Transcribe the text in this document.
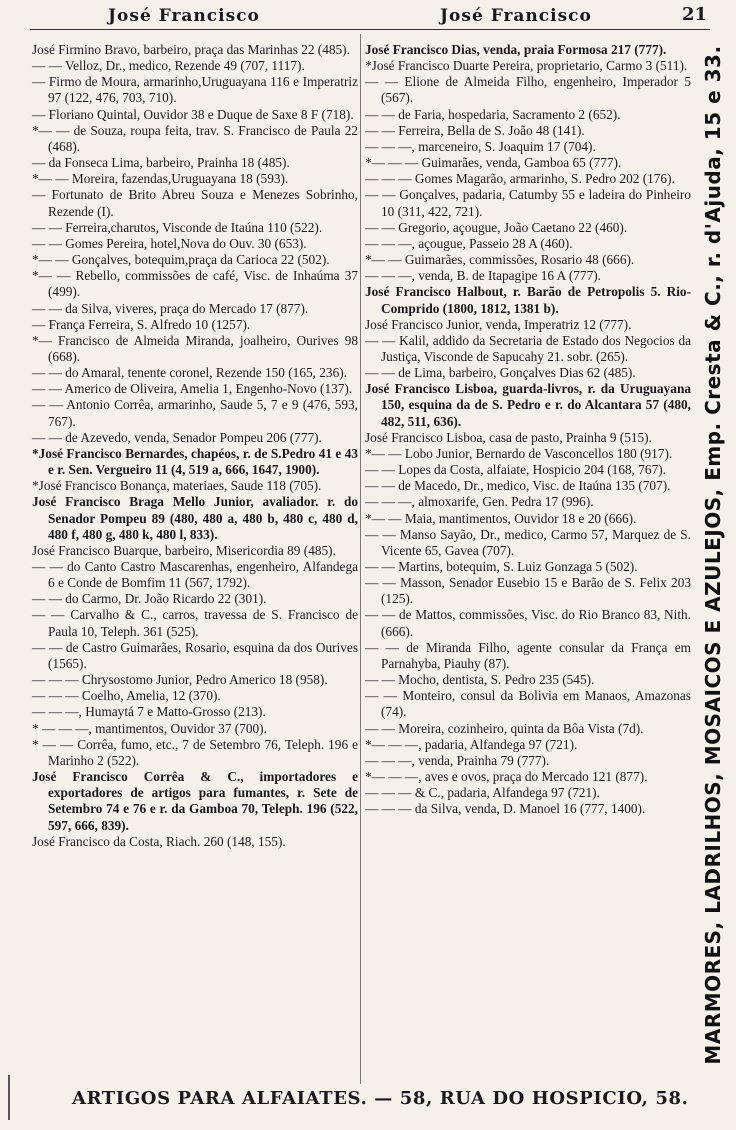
José Francisco	José Francisco	21

José Firmino Bravo, barbeiro, praça das Marinhas 22 (485).

— — Velloz, Dr., medico, Rezende 49 (707, 1117).

— Firmo de Moura, armarinho,Uruguayana 116 e Imperatriz 97 (122, 476, 703, 710).

— Floriano Quintal, Ouvidor 38 e Duque de Saxe 8 F (718).

*— — de Souza, roupa feita, trav. S. Francisco de Paula 22 (468).

— da Fonseca Lima, barbeiro, Prainha 18 (485).

*— — Moreira, fazendas,Uruguayana 18 (593).

— Fortunato de Brito Abreu Souza e Menezes Sobrinho, Rezende (I).

— — Ferreira,charutos, Visconde de Itaúna 110 (522).

— — Gomes Pereira, hotel,Nova do Ouv. 30 (653).

*— — Gonçalves, botequim,praça da Carioca 22 (502).

*— — Rebello, commissões de café, Visc. de Inhaúma 37 (499).

— — da Silva, viveres, praça do Mercado 17 (877).

— França Ferreira, S. Alfredo 10 (1257).

*— Francisco de Almeida Miranda, joalheiro, Ourives 98 (668).

— — do Amaral, tenente coronel, Rezende 150 (165, 236).

— — Americo de Oliveira, Amelia 1, Engenho-Novo (137).

— — Antonio Corrêa, armarinho, Saude 5, 7 e 9 (476, 593, 767).

— — de Azevedo, venda, Senador Pompeu 206 (777).

*José Francisco Bernardes, chapéos, r. de S.Pedro 41 e 43 e r. Sen. Vergueiro 11 (4, 519 a, 666, 1647, 1900).

*José Francisco Bonança, materiaes, Saude 118 (705).

José Francisco Braga Mello Junior, avaliador. r. do Senador Pompeu 89 (480, 480 a, 480 b, 480 c, 480 d, 480 f, 480 g, 480 k, 480 l, 833).

José Francisco Buarque, barbeiro, Misericordia 89 (485).

— — do Canto Castro Mascarenhas, engenheiro, Alfandega 6 e Conde de Bomfim 11 (567, 1792).

— — do Carmo, Dr. João Ricardo 22 (301).

— — Carvalho & C., carros, travessa de S. Francisco de Paula 10, Teleph. 361 (525).

— — de Castro Guimarães, Rosario, esquina da dos Ourives (1565).

— — — Chrysostomo Junior, Pedro Americo 18 (958).

— — — Coelho, Amelia, 12 (370).

— — —, Humaytá 7 e Matto-Grosso (213).

* — — —, mantimentos, Ouvidor 37 (700).

* — — Corrêa, fumo, etc., 7 de Setembro 76, Teleph. 196 e Marinho 2 (522).

José Francisco Corrêa & C., importadores e exportadores de artigos para fumantes, r. Sete de Setembro 74 e 76 e r. da Gamboa 70, Teleph. 196 (522, 597, 666, 839).

José Francisco da Costa, Riach. 260 (148, 155).

José Francisco Dias, venda, praia Formosa 217 (777).

*José Francisco Duarte Pereira, proprietario, Carmo 3 (511).

— — Elione de Almeida Filho, engenheiro, Imperador 5 (567).

— — de Faria, hospedaria, Sacramento 2 (652).

— — Ferreira, Bella de S. João 48 (141).

— — —, marceneiro, S. Joaquim 17 (704).

*— — — Guimarães, venda, Gamboa 65 (777).

— — — Gomes Magarão, armarinho, S. Pedro 202 (176).

— — Gonçalves, padaria, Catumby 55 e ladeira do Pinheiro 10 (311, 422, 721).

— — Gregorio, açougue, João Caetano 22 (460).

— — —, açougue, Passeio 28 A (460).

*— — Guimarães, commissões, Rosario 48 (666).

— — —, venda, B. de Itapagipe 16 A (777).

José Francisco Halbout, r. Barão de Petropolis 5. Rio-Comprido (1800, 1812, 1381 b).

José Francisco Junior, venda, Imperatriz 12 (777).

— — Kalil, addido da Secretaria de Estado dos Negocios da Justiça, Visconde de Sapucahy 21. sobr. (265).

— — de Lima, barbeiro, Gonçalves Dias 62 (485).

José Francisco Lisboa, guarda-livros, r. da Uruguayana 150, esquina da de S. Pedro e r. do Alcantara 57 (480, 482, 511, 636).

José Francisco Lisboa, casa de pasto, Prainha 9 (515).

*— — Lobo Junior, Bernardo de Vasconcellos 180 (917).

— — Lopes da Costa, alfaiate, Hospicio 204 (168, 767).

— — de Macedo, Dr., medico, Visc. de Itaúna 135 (707).

— — —, almoxarife, Gen. Pedra 17 (996).

*— — Maia, mantimentos, Ouvidor 18 e 20 (666).

— — Manso Sayão, Dr., medico, Carmo 57, Marquez de S. Vicente 65, Gavea (707).

— — Martins, botequim, S. Luiz Gonzaga 5 (502).

— — Masson, Senador Eusebio 15 e Barão de S. Felix 203 (125).

— — de Mattos, commissões, Visc. do Rio Branco 83, Nith. (666).

— — de Miranda Filho, agente consular da França em Parnahyba, Piauhy (87).

— — Mocho, dentista, S. Pedro 235 (545).

— — Monteiro, consul da Bolivia em Manaos, Amazonas (74).

— — Moreira, cozinheiro, quinta da Bôa Vista (7d).

*— — —, padaria, Alfandega 97 (721).

— — —, venda, Prainha 79 (777).

*— — —, aves e ovos, praça do Mercado 121 (877).

— — — & C., padaria, Alfandega 97 (721).

— — — da Silva, venda, D. Manoel 16 (777, 1400).	MARMORES, LADRILHOS, MOSAICOS E AZULEJOS, Emp. Cresta & C., r. d'Ajuda, 15 e 33.
ARTIGOS PARA ALFAIATES. — 58, RUA DO HOSPICIO, 58.
